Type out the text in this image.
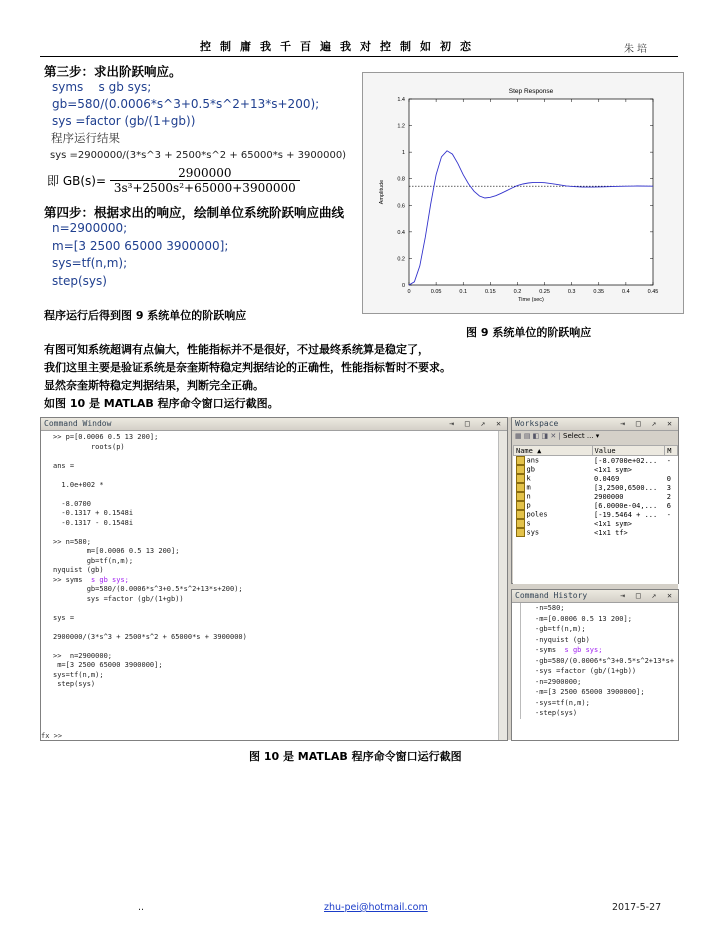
控制庸我千百遍我对控制如初恋	朱培
第三步：求出阶跃响应。
syms    s gb sys;
gb=580/(0.0006*s^3+0.5*s^2+13*s+200);
sys =factor (gb/(1+gb))
程序运行结果
sys =2900000/(3*s^3 + 2500*s^2 + 65000*s + 3900000)
即 $GB(s)= \frac{2900000}{\text{3s³+2500s²+65000+3900000}}$
第四步：根据求出的响应，绘制单位系统阶跃响应曲线
n=2900000;
m=[3 2500 65000 3900000];
sys=tf(n,m);
step(sys)
程序运行后得到图 9 系统单位的阶跃响应
Step Response
Time (sec)
Amplitude
0	0.05	0.1	0.15	0.2	0.25	0.3	0.35	0.4	0.45
0
0.2
0.4
0.6
0.8
1
1.2
1.4
图 9 系统单位的阶跃响应
有图可知系统超调有点偏大，性能指标并不是很好，不过最终系统算是稳定了，
我们这里主要是验证系统是奈奎斯特稳定判据结论的正确性，性能指标暂时不要求。
显然奈奎斯特稳定判据结果，判断完全正确。
如图 10 是 MATLAB 程序命令窗口运行截图。
Command Window	⇥ □ ↗ ✕
>> p=[0.0006 0.5 13 200];
roots(p)

ans =

1.0e+002 *

-8.0700
-0.1317 + 0.1548i
-0.1317 - 0.1548i

>> n=580;
m=[0.0006 0.5 13 200];
gb=tf(n,m);
nyquist (gb)
>> syms  s gb sys;
gb=580/(0.0006*s^3+0.5*s^2+13*s+200);
sys =factor (gb/(1+gb))

sys =

2900000/(3*s^3 + 2500*s^2 + 65000*s + 3900000)

>>  n=2900000;
m=[3 2500 65000 3900000];
sys=tf(n,m);
step(sys)
fx >>
Workspace	⇥ □ ↗ ✕
▦ ▤ ◧ ◨ ✕ | Select ... ▾
Name ▲	Value	M
ans	[-8.0700e+02...	-
gb	<1x1 sym>	
k	0.0469	0
m	[3,2500,6500...	3
n	2900000	2
p	[6.0000e-04,...	6
poles	[-19.5464 + ...	-
s	<1x1 sym>	
sys	<1x1 tf>	
Command History	⇥ □ ↗ ✕
-n=580;
-m=[0.0006 0.5 13 200];
-gb=tf(n,m);
-nyquist (gb)
-syms  s gb sys;
-gb=580/(0.0006*s^3+0.5*s^2+13*s+
-sys =factor (gb/(1+gb))
-n=2900000;
-m=[3 2500 65000 3900000];
-sys=tf(n,m);
-step(sys)
图 10 是 MATLAB 程序命令窗口运行截图
..	zhu-pei@hotmail.com	2017-5-27
